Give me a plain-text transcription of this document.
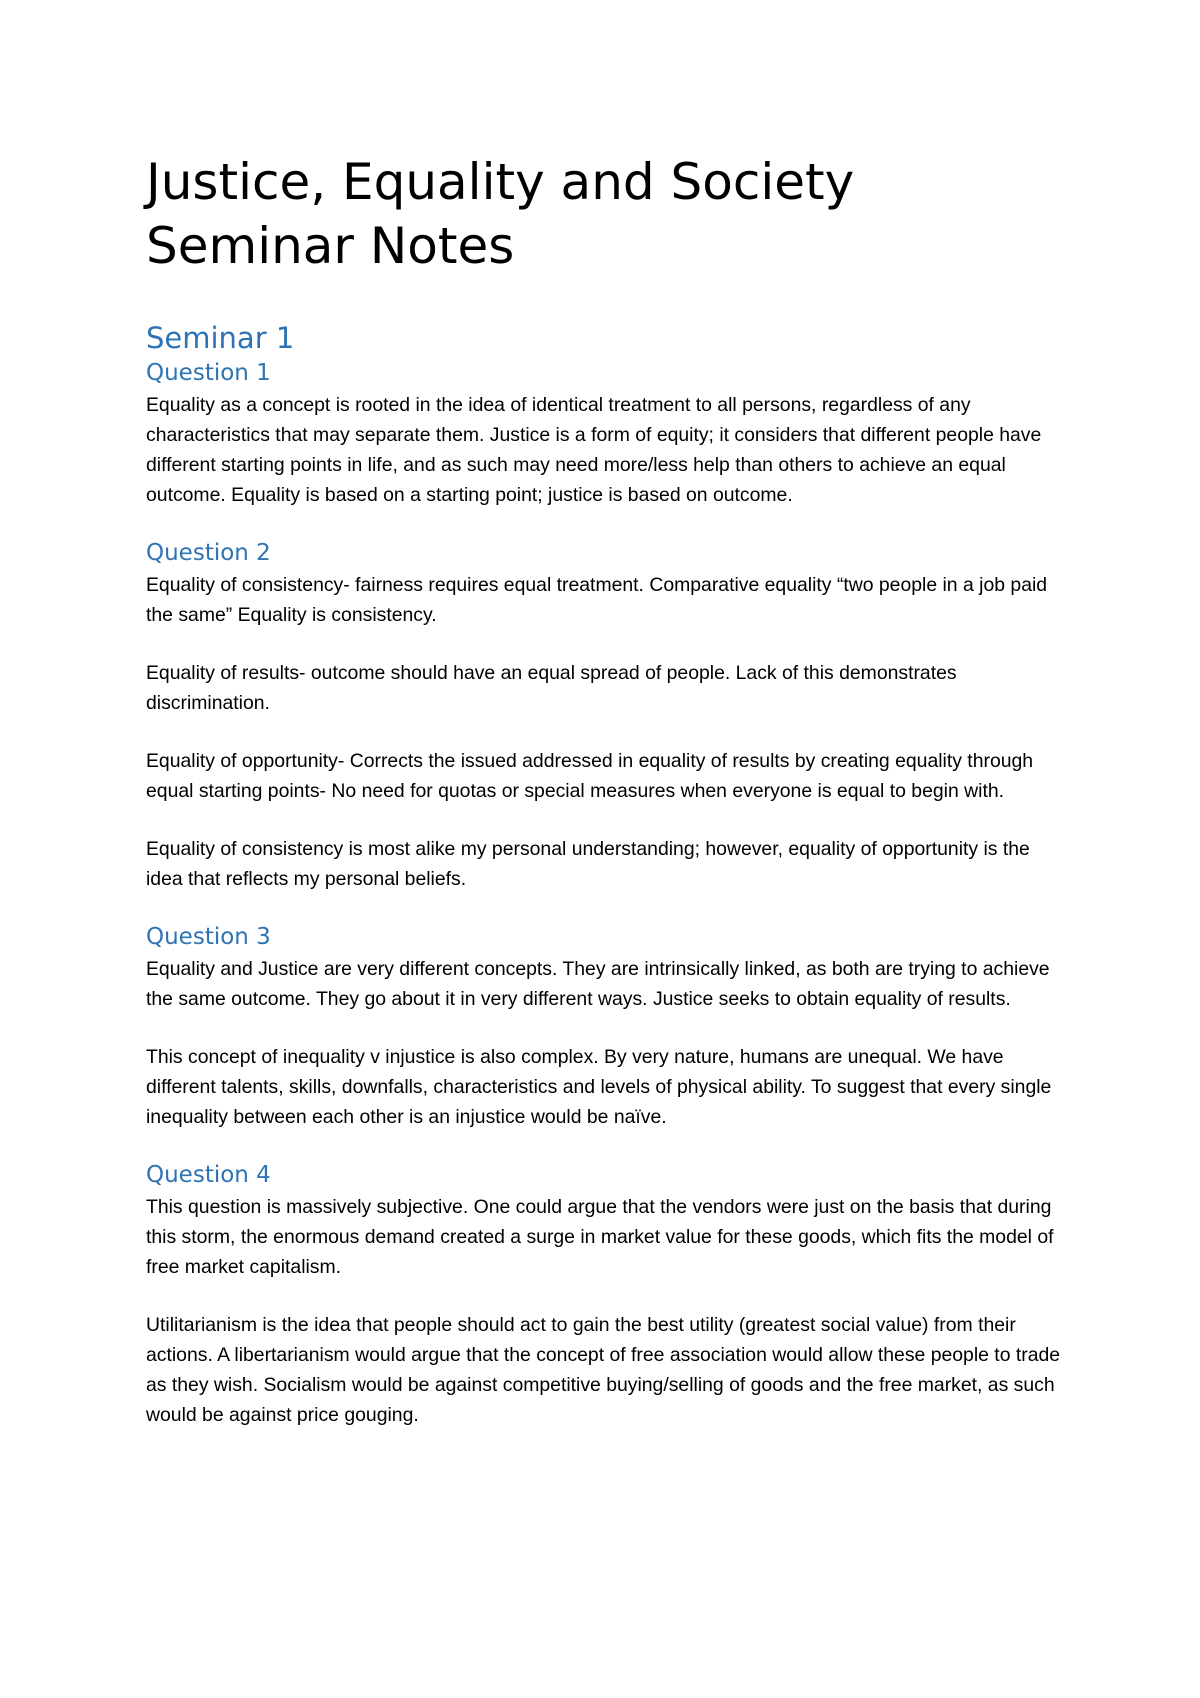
Justice, Equality and Society
Seminar Notes
Seminar 1
Question 1

Equality as a concept is rooted in the idea of identical treatment to all persons, regardless of any characteristics that may separate them. Justice is a form of equity; it considers that different people have different starting points in life, and as such may need more/less help than others to achieve an equal outcome. Equality is based on a starting point; justice is based on outcome.

Question 2

Equality of consistency- fairness requires equal treatment. Comparative equality “two people in a job paid the same” Equality is consistency.

Equality of results- outcome should have an equal spread of people. Lack of this demonstrates discrimination.

Equality of opportunity- Corrects the issued addressed in equality of results by creating equality through equal starting points- No need for quotas or special measures when everyone is equal to begin with.

Equality of consistency is most alike my personal understanding; however, equality of opportunity is the idea that reflects my personal beliefs.

Question 3

Equality and Justice are very different concepts. They are intrinsically linked, as both are trying to achieve the same outcome. They go about it in very different ways. Justice seeks to obtain equality of results.

This concept of inequality v injustice is also complex. By very nature, humans are unequal. We have different talents, skills, downfalls, characteristics and levels of physical ability. To suggest that every single inequality between each other is an injustice would be naïve.

Question 4

This question is massively subjective. One could argue that the vendors were just on the basis that during this storm, the enormous demand created a surge in market value for these goods, which fits the model of free market capitalism.

Utilitarianism is the idea that people should act to gain the best utility (greatest social value) from their actions. A libertarianism would argue that the concept of free association would allow these people to trade as they wish. Socialism would be against competitive buying/selling of goods and the free market, as such would be against price gouging.
